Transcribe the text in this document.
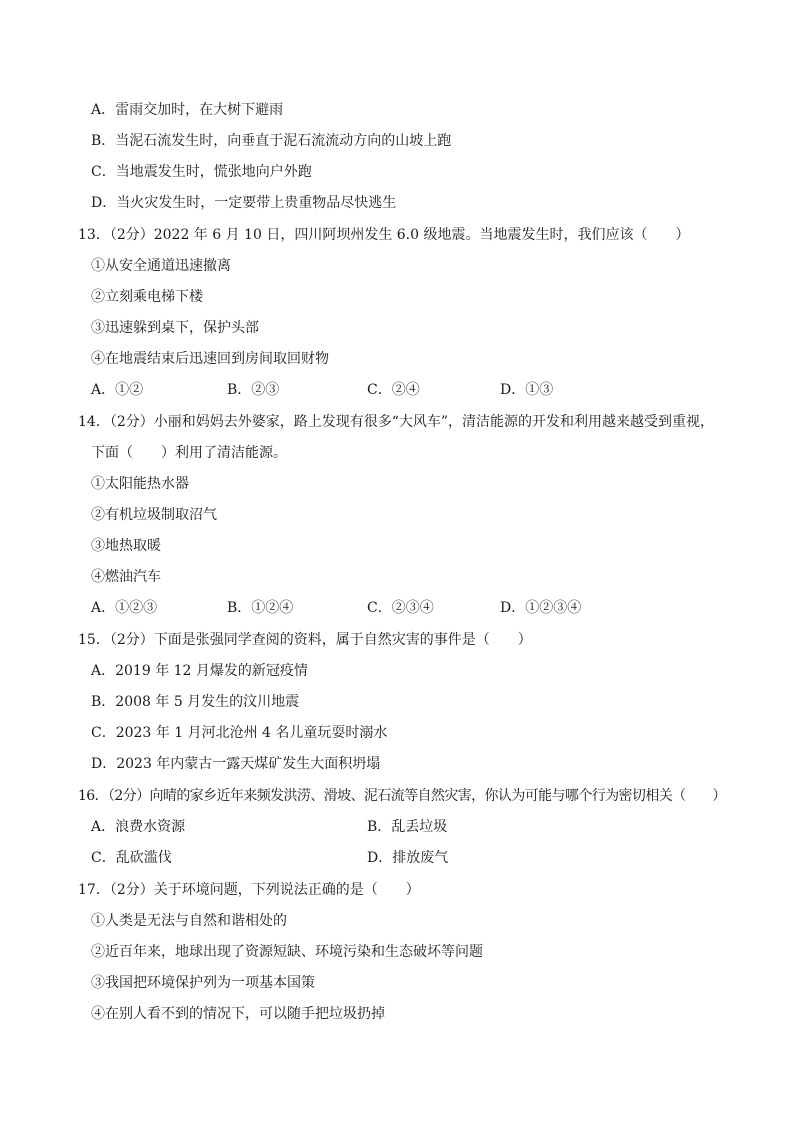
A．雷雨交加时，在大树下避雨
B．当泥石流发生时，向垂直于泥石流流动方向的山坡上跑
C．当地震发生时，慌张地向户外跑
D．当火灾发生时，一定要带上贵重物品尽快逃生
13．（2分）2022 年 6 月 10 日，四川阿坝州发生 6.0 级地震。当地震发生时，我们应该（　　）
①从安全通道迅速撤离
②立刻乘电梯下楼
③迅速躲到桌下，保护头部
④在地震结束后迅速回到房间取回财物
A．①②	B．②③	C．②④	D．①③
14．（2分）小丽和妈妈去外婆家，路上发现有很多“大风车”，清洁能源的开发和利用越来越受到重视，
下面（　　）利用了清洁能源。
①太阳能热水器
②有机垃圾制取沼气
③地热取暖
④燃油汽车
A．①②③	B．①②④	C．②③④	D．①②③④
15．（2分）下面是张强同学查阅的资料，属于自然灾害的事件是（　　）
A．2019 年 12 月爆发的新冠疫情
B．2008 年 5 月发生的汶川地震
C．2023 年 1 月河北沧州 4 名儿童玩耍时溺水
D．2023 年内蒙古一露天煤矿发生大面积坍塌
16．（2分）向晴的家乡近年来频发洪涝、滑坡、泥石流等自然灾害，你认为可能与哪个行为密切相关（　　）
A．浪费水资源	B．乱丢垃圾
C．乱砍滥伐	D．排放废气
17．（2分）关于环境问题，下列说法正确的是（　　）
①人类是无法与自然和谐相处的
②近百年来，地球出现了资源短缺、环境污染和生态破坏等问题
③我国把环境保护列为一项基本国策
④在别人看不到的情况下，可以随手把垃圾扔掉
